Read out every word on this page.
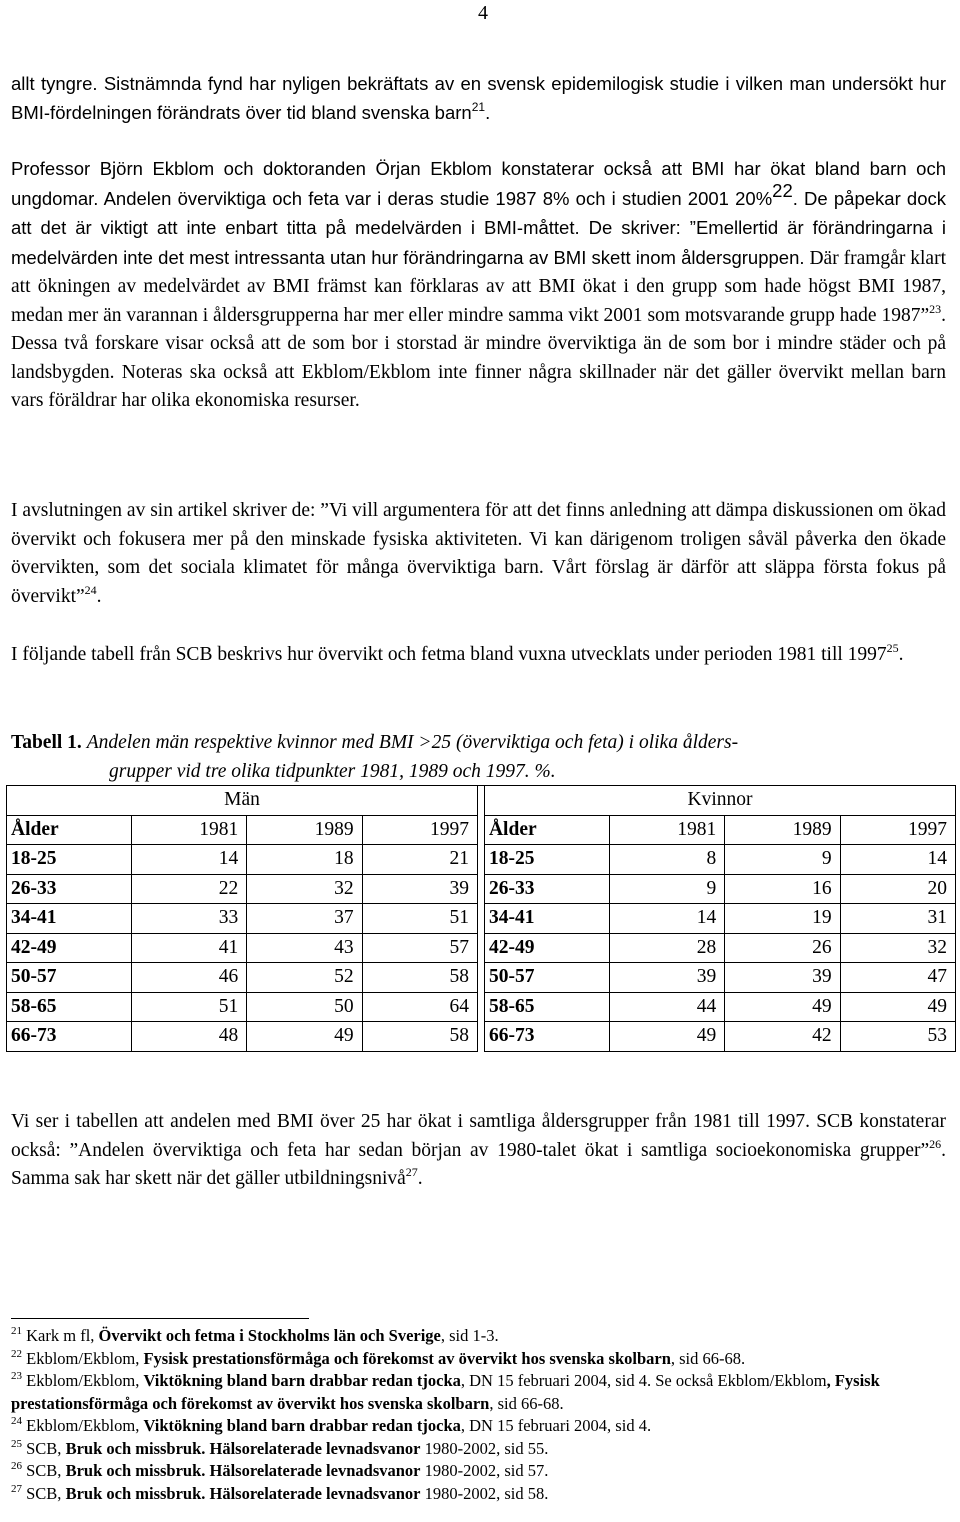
4

allt tyngre. Sistnämnda fynd har nyligen bekräftats av en svensk epidemilogisk studie i vilken man undersökt hur BMI-fördelningen förändrats över tid bland svenska barn$^{21}$.

Professor Björn Ekblom och doktoranden Örjan Ekblom konstaterar också att BMI har ökat bland barn och ungdomar. Andelen överviktiga och feta var i deras studie 1987 8% och i studien 2001 20%$^{22}$. De påpekar dock att det är viktigt att inte enbart titta på medelvärden i BMI-måttet. De skriver: ”Emellertid är förändringarna i medelvärden inte det mest intressanta utan hur förändringarna av BMI skett inom åldersgruppen. Där framgår klart att ökningen av medelvärdet av BMI främst kan förklaras av att BMI ökat i den grupp som hade högst BMI 1987, medan mer än varannan i åldersgrupperna har mer eller mindre samma vikt 2001 som motsvarande grupp hade 1987”$^{23}$. Dessa två forskare visar också att de som bor i storstad är mindre överviktiga än de som bor i mindre städer och på landsbygden. Noteras ska också att Ekblom/Ekblom inte finner några skillnader när det gäller övervikt mellan barn vars föräldrar har olika ekonomiska resurser.

I avslutningen av sin artikel skriver de: ”Vi vill argumentera för att det finns anledning att dämpa diskussionen om ökad övervikt och fokusera mer på den minskade fysiska aktiviteten. Vi kan därigenom troligen såväl påverka den ökade övervikten, som det sociala klimatet för många överviktiga barn. Vårt förslag är därför att släppa första fokus på övervikt”$^{24}$.

I följande tabell från SCB beskrivs hur övervikt och fetma bland vuxna utvecklats under perioden 1981 till 1997$^{25}$.

Tabell 1. Andelen män respektive kvinnor med BMI >25 (överviktiga och feta) i olika ålders-
grupper vid tre olika tidpunkter 1981, 1989 och 1997. %.
Män					Kvinnor			
Ålder	1981	1989	1997		Ålder	1981	1989	1997
18-25	14	18	21		18-25	8	9	14
26-33	22	32	39		26-33	9	16	20
34-41	33	37	51		34-41	14	19	31
42-49	41	43	57		42-49	28	26	32
50-57	46	52	58		50-57	39	39	47
58-65	51	50	64		58-65	44	49	49
66-73	48	49	58		66-73	49	42	53

Vi ser i tabellen att andelen med BMI över 25 har ökat i samtliga åldersgrupper från 1981 till 1997. SCB konstaterar också: ”Andelen överviktiga och feta har sedan början av 1980-talet ökat i samtliga socioekonomiska grupper”$^{26}$. Samma sak har skett när det gäller utbildningsnivå$^{27}$.

$^{21}$ Kark m fl, Övervikt och fetma i Stockholms län och Sverige, sid 1-3.

$^{22}$ Ekblom/Ekblom, Fysisk prestationsförmåga och förekomst av övervikt hos svenska skolbarn, sid 66-68.

$^{23}$ Ekblom/Ekblom, Viktökning bland barn drabbar redan tjocka, DN 15 februari 2004, sid 4. Se också Ekblom/Ekblom, Fysisk prestationsförmåga och förekomst av övervikt hos svenska skolbarn, sid 66-68.

$^{24}$ Ekblom/Ekblom, Viktökning bland barn drabbar redan tjocka, DN 15 februari 2004, sid 4.

$^{25}$ SCB, Bruk och missbruk. Hälsorelaterade levnadsvanor 1980-2002, sid 55.

$^{26}$ SCB, Bruk och missbruk. Hälsorelaterade levnadsvanor 1980-2002, sid 57.

$^{27}$ SCB, Bruk och missbruk. Hälsorelaterade levnadsvanor 1980-2002, sid 58.
